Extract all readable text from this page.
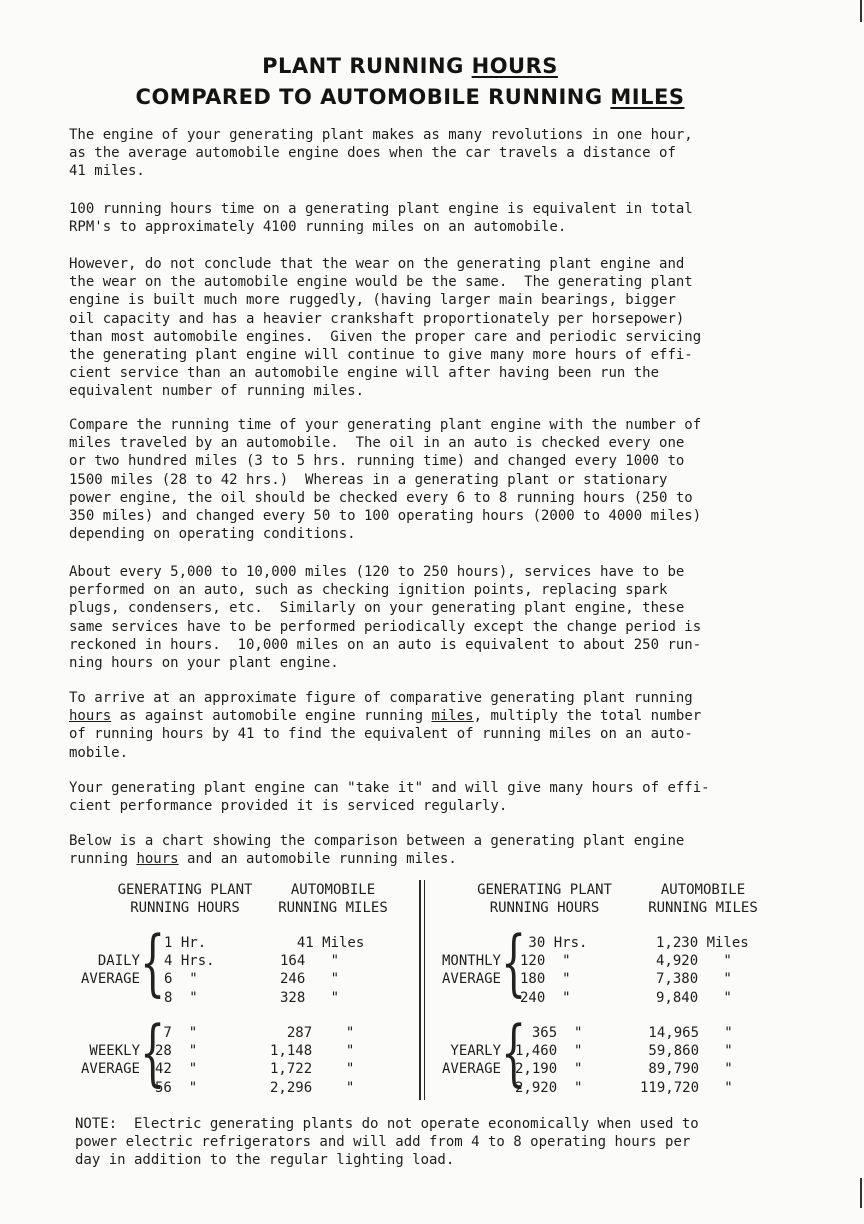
PLANT RUNNING HOURS
COMPARED TO AUTOMOBILE RUNNING MILES
The engine of your generating plant makes as many revolutions in one hour,
as the average automobile engine does when the car travels a distance of
41 miles.
100 running hours time on a generating plant engine is equivalent in total
RPM's to approximately 4100 running miles on an automobile.
However, do not conclude that the wear on the generating plant engine and
the wear on the automobile engine would be the same.  The generating plant
engine is built much more ruggedly, (having larger main bearings, bigger
oil capacity and has a heavier crankshaft proportionately per horsepower)
than most automobile engines.  Given the proper care and periodic servicing
the generating plant engine will continue to give many more hours of effi-
cient service than an automobile engine will after having been run the
equivalent number of running miles.
Compare the running time of your generating plant engine with the number of
miles traveled by an automobile.  The oil in an auto is checked every one
or two hundred miles (3 to 5 hrs. running time) and changed every 1000 to
1500 miles (28 to 42 hrs.)  Whereas in a generating plant or stationary
power engine, the oil should be checked every 6 to 8 running hours (250 to
350 miles) and changed every 50 to 100 operating hours (2000 to 4000 miles)
depending on operating conditions.
About every 5,000 to 10,000 miles (120 to 250 hours), services have to be
performed on an auto, such as checking ignition points, replacing spark
plugs, condensers, etc.  Similarly on your generating plant engine, these
same services have to be performed periodically except the change period is
reckoned in hours.  10,000 miles on an auto is equivalent to about 250 run-
ning hours on your plant engine.
To arrive at an approximate figure of comparative generating plant running
hours as against automobile engine running miles, multiply the total number
of running hours by 41 to find the equivalent of running miles on an auto-
mobile.
Your generating plant engine can "take it" and will give many hours of effi-
cient performance provided it is serviced regularly.
Below is a chart showing the comparison between a generating plant engine
running hours and an automobile running miles.
GENERATING PLANT
RUNNING HOURS
AUTOMOBILE
RUNNING MILES
GENERATING PLANT
RUNNING HOURS
AUTOMOBILE
RUNNING MILES
DAILY
AVERAGE {
1 Hr.
4 Hrs.
6  "
8  "
41 Miles
164   "
246   "
328   "
WEEKLY
AVERAGE {
7  "
28  "
42  "
56  "
287    "
1,148    "
1,722    "
2,296    "
MONTHLY
AVERAGE { 30 Hrs.
120  "
180  "
240  "
1,230 Miles
4,920   "
7,380   "
9,840   "
YEARLY
AVERAGE { 365  "
1,460  "
2,190  "
2,920  "
14,965   "
59,860   "
89,790   "
119,720   "
NOTE:  Electric generating plants do not operate economically when used to
power electric refrigerators and will add from 4 to 8 operating hours per
day in addition to the regular lighting load.
